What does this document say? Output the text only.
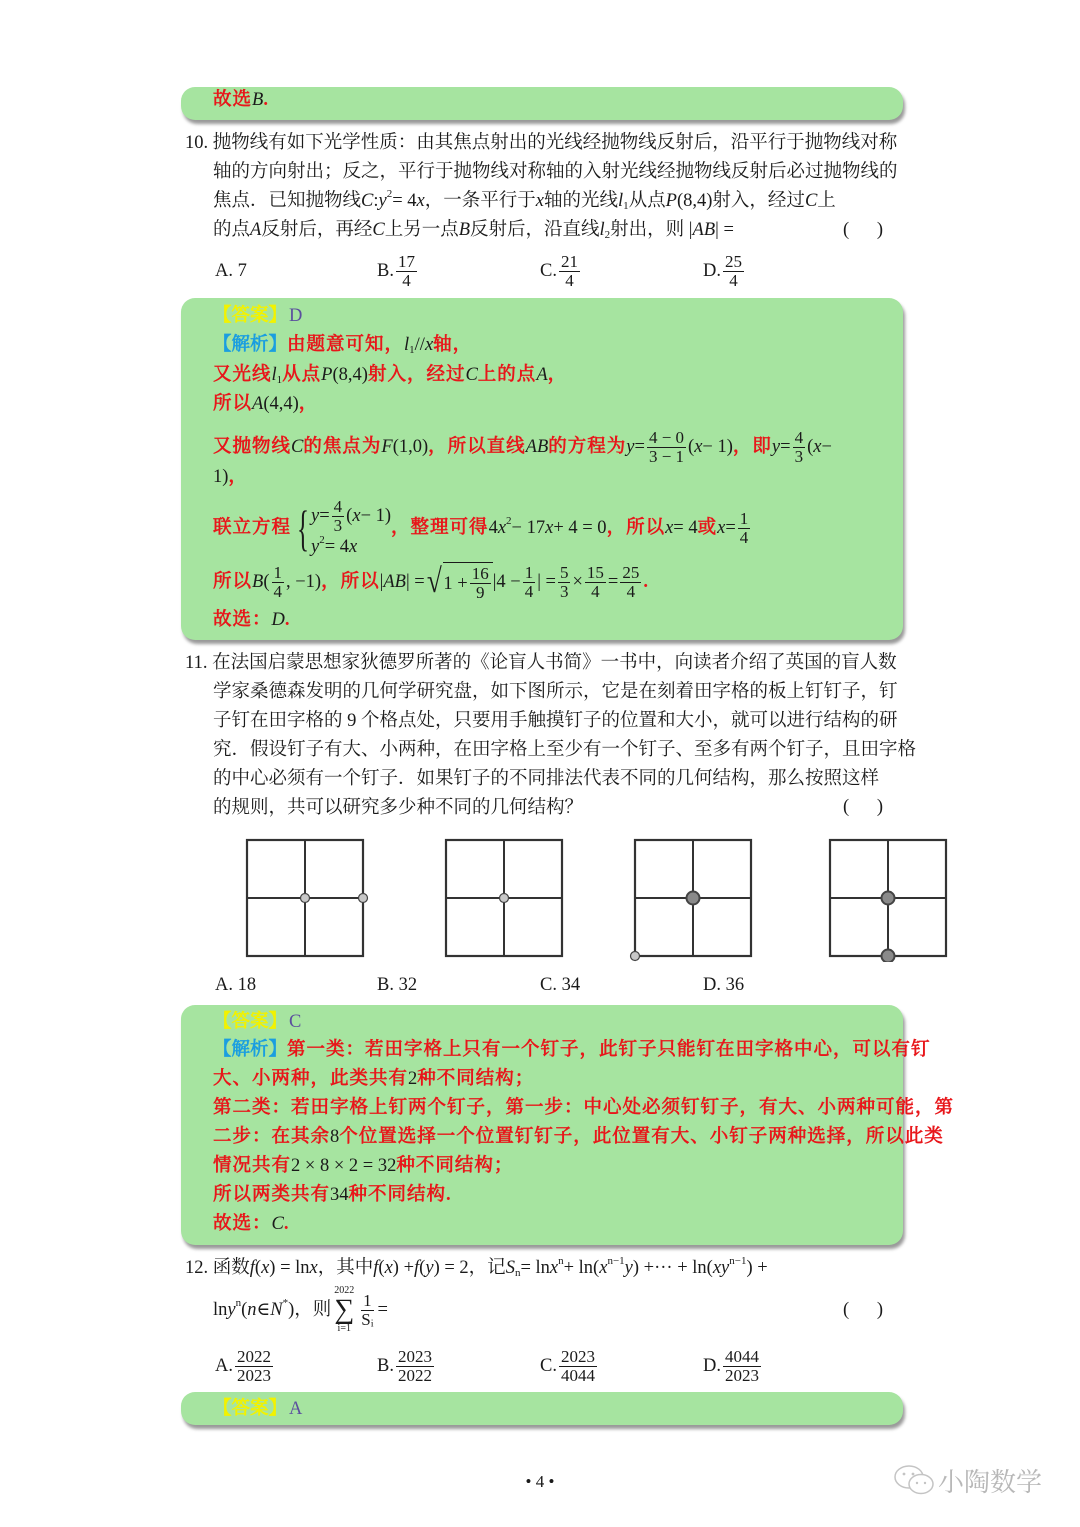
故选 B .
10. 抛物线有如下光学性质：由其焦点射出的光线经抛物线反射后，沿平行于抛物线对称
轴的方向射出；反之，平行于抛物线对称轴的入射光线经抛物线反射后必过抛物线的
焦点．已知抛物线 C : y 2 = 4 x ，一条平行于 x 轴的光线 l 1 从点 P (8,4) 射入，经过 C 上
的点 A 反射后，再经 C 上另一点 B 反射后，沿直线 l 2 射出，则 | AB | =	(      )
A. 7	B. $\frac{17}{4}$	C. $\frac{21}{4}$	D. $\frac{25}{4}$
【答案】 D
【解析】 由题意可知， l 1 // x 轴，
又光线 l 1 从点 P (8,4) 射入，经过 C 上的点 A ，
所以 A (4,4) ，
又抛物线 C 的焦点为 F (1,0) ，所以直线 AB 的方程为 $y = \frac{4 - 0}{3 - 1}$ ( x − 1) ，即 $y = \frac{4}{3}$ ( x −
1) ，
联立方程 { $y = \frac{4}{3}$ ( x − 1)
y 2 = 4 x
，整理可得 4 x 2 − 17 x + 4 = 0 ，所以 x = 4 或 $x = \frac{1}{4}$
所以 B ( $\frac{1}{4}$ , −1) ，所以 | AB | = √ $1 + \frac{16}{9} |4 - \frac{1}{4}$ | = $\frac{5}{3} \times \frac{15}{4} = \frac{25}{4}$ .
故选： D .
11. 在法国启蒙思想家狄德罗所著的《论盲人书简》一书中，向读者介绍了英国的盲人数
学家桑德森发明的几何学研究盘，如下图所示，它是在刻着田字格的板上钉钉子，钉
子钉在田字格的 9 个格点处，只要用手触摸钉子的位置和大小，就可以进行结构的研
究．假设钉子有大、小两种，在田字格上至少有一个钉子、至多有两个钉子，且田字格
的中心必须有一个钉子．如果钉子的不同排法代表不同的几何结构，那么按照这样
的规则，共可以研究多少种不同的几何结构？	(      )
A. 18	B. 32	C. 34	D. 36
【答案】 C
【解析】 第一类：若田字格上只有一个钉子，此钉子只能钉在田字格中心，可以有钉
大、小两种，此类共有 2 种不同结构；
第二类：若田字格上钉两个钉子，第一步：中心处必须钉钉子，有大、小两种可能，第
二步：在其余 8 个位置选择一个位置钉钉子，此位置有大、小钉子两种选择，所以此类
情况共有 2 × 8 × 2 = 32 种不同结构；
所以两类共有 34 种不同结构.
故选： C .
12. 函数 f ( x ) = ln x ，其中 f ( x ) + f ( y ) = 2 ，记 S n = ln x n + ln( x n−1 y ) +··· + ln( xy n−1 ) +
ln y n ( n ∈ N * ) ，则
2022
∑
$i=1 \frac{1}{\text{Sᵢ}}$ =	(      )
A. $\frac{2022}{2023}$	B. $\frac{2023}{2022}$	C. $\frac{2023}{4044}$	D. $\frac{4044}{2023}$
【答案】 A
• 4 •	小陶数学
